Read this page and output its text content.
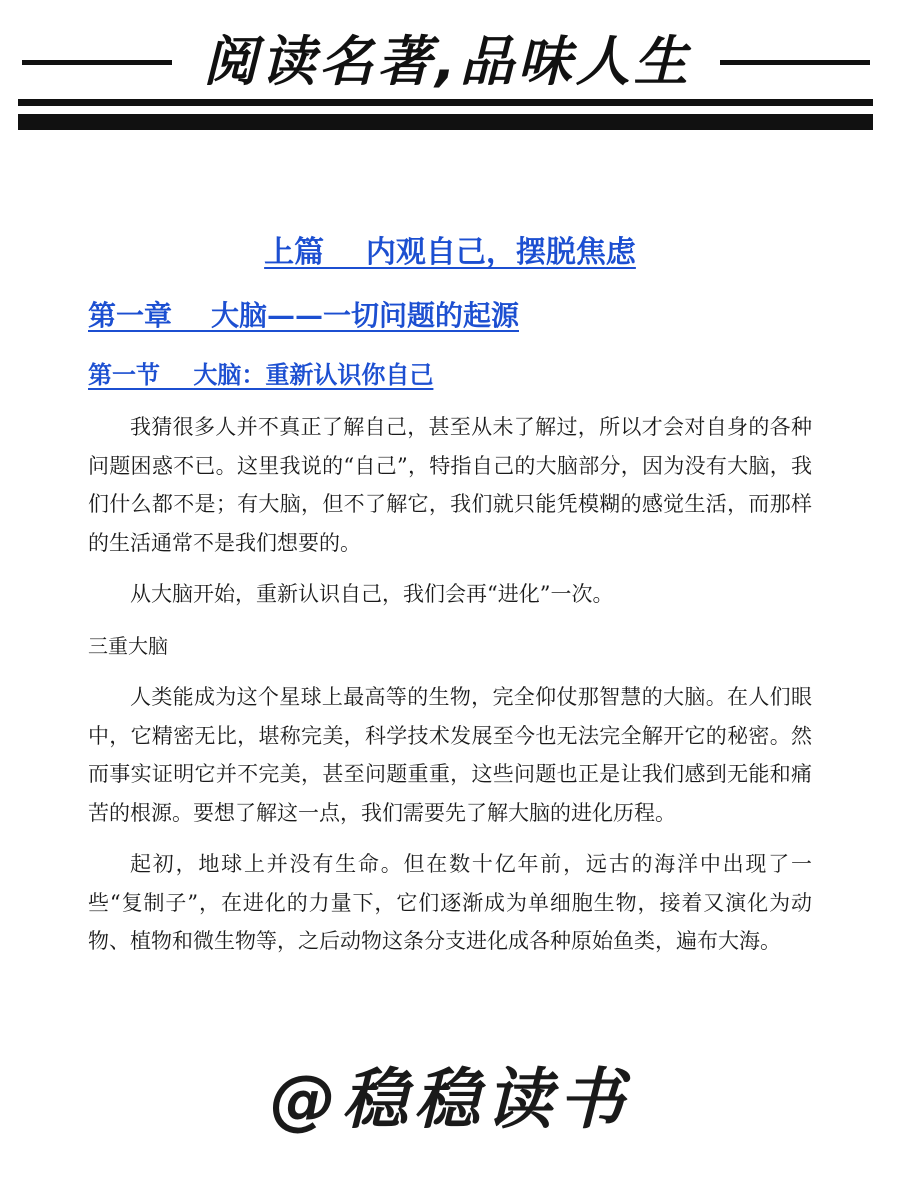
阅读名著,品味人生
上篇    内观自己，摆脱焦虑
第一章    大脑——一切问题的起源
第一节    大脑：重新认识你自己

我猜很多人并不真正了解自己，甚至从未了解过，所以才会对自身的各种问题困惑不已。这里我说的“自己”，特指自己的大脑部分，因为没有大脑，我们什么都不是；有大脑，但不了解它，我们就只能凭模糊的感觉生活，而那样的生活通常不是我们想要的。

从大脑开始，重新认识自己，我们会再“进化”一次。

三重大脑

人类能成为这个星球上最高等的生物，完全仰仗那智慧的大脑。在人们眼中，它精密无比，堪称完美，科学技术发展至今也无法完全解开它的秘密。然而事实证明它并不完美，甚至问题重重，这些问题也正是让我们感到无能和痛苦的根源。要想了解这一点，我们需要先了解大脑的进化历程。

起初，地球上并没有生命。但在数十亿年前，远古的海洋中出现了一些“复制子”，在进化的力量下，它们逐渐成为单细胞生物，接着又演化为动物、植物和微生物等，之后动物这条分支进化成各种原始鱼类，遍布大海。

@稳稳读书
